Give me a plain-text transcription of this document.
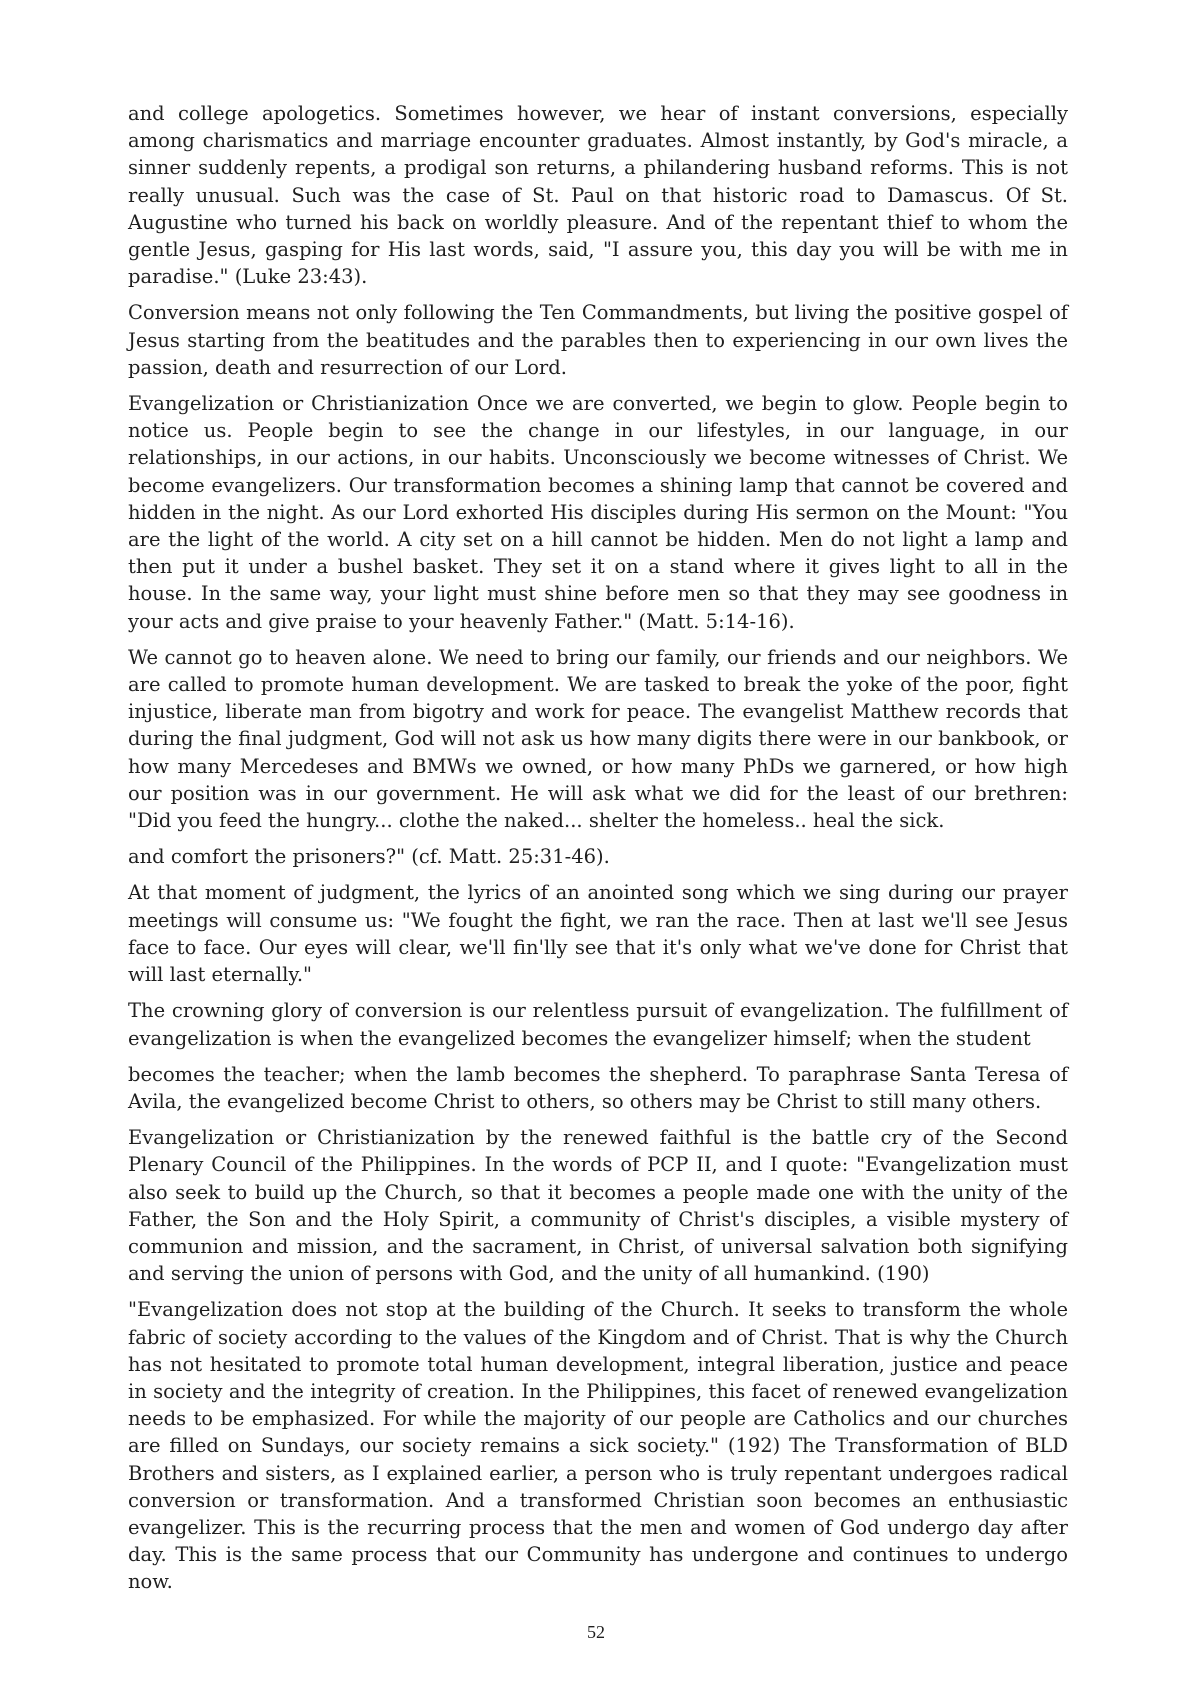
and college apologetics. Sometimes however, we hear of instant conversions, especially among charismatics and marriage encounter graduates. Almost instantly, by God's miracle, a sinner suddenly repents, a prodigal son returns, a philandering husband reforms. This is not really unusual. Such was the case of St. Paul on that historic road to Damascus. Of St. Augustine who turned his back on worldly pleasure. And of the repentant thief to whom the gentle Jesus, gasping for His last words, said, "I assure you, this day you will be with me in paradise." (Luke 23:43).

Conversion means not only following the Ten Commandments, but living the positive gospel of Jesus starting from the beatitudes and the parables then to experiencing in our own lives the passion, death and resurrection of our Lord.

Evangelization or Christianization Once we are converted, we begin to glow. People begin to notice us. People begin to see the change in our lifestyles, in our language, in our relationships, in our actions, in our habits. Unconsciously we become witnesses of Christ. We become evangelizers. Our transformation becomes a shining lamp that cannot be covered and hidden in the night. As our Lord exhorted His disciples during His sermon on the Mount: "You are the light of the world. A city set on a hill cannot be hidden. Men do not light a lamp and then put it under a bushel basket. They set it on a stand where it gives light to all in the house. In the same way, your light must shine before men so that they may see goodness in your acts and give praise to your heavenly Father." (Matt. 5:14-16).

We cannot go to heaven alone. We need to bring our family, our friends and our neighbors. We are called to promote human development. We are tasked to break the yoke of the poor, fight injustice, liberate man from bigotry and work for peace. The evangelist Matthew records that during the final judgment, God will not ask us how many digits there were in our bankbook, or how many Mercedeses and BMWs we owned, or how many PhDs we garnered, or how high our position was in our government. He will ask what we did for the least of our brethren: "Did you feed the hungry... clothe the naked... shelter the homeless.. heal the sick.

and comfort the prisoners?" (cf. Matt. 25:31-46).

At that moment of judgment, the lyrics of an anointed song which we sing during our prayer meetings will consume us: "We fought the fight, we ran the race. Then at last we'll see Jesus face to face. Our eyes will clear, we'll fin'lly see that it's only what we've done for Christ that will last eternally."

The crowning glory of conversion is our relentless pursuit of evangelization. The fulfillment of evangelization is when the evangelized becomes the evangelizer himself; when the student

becomes the teacher; when the lamb becomes the shepherd. To paraphrase Santa Teresa of Avila, the evangelized become Christ to others, so others may be Christ to still many others.

Evangelization or Christianization by the renewed faithful is the battle cry of the Second Plenary Council of the Philippines. In the words of PCP II, and I quote: "Evangelization must also seek to build up the Church, so that it becomes a people made one with the unity of the Father, the Son and the Holy Spirit, a community of Christ's disciples, a visible mystery of communion and mission, and the sacrament, in Christ, of universal salvation both signifying and serving the union of persons with God, and the unity of all humankind. (190)

"Evangelization does not stop at the building of the Church. It seeks to transform the whole fabric of society according to the values of the Kingdom and of Christ. That is why the Church has not hesitated to promote total human development, integral liberation, justice and peace in society and the integrity of creation. In the Philippines, this facet of renewed evangelization needs to be emphasized. For while the majority of our people are Catholics and our churches are filled on Sundays, our society remains a sick society." (192) The Transformation of BLD Brothers and sisters, as I explained earlier, a person who is truly repentant undergoes radical conversion or transformation. And a transformed Christian soon becomes an enthusiastic evangelizer. This is the recurring process that the men and women of God undergo day after day. This is the same process that our Community has undergone and continues to undergo now.

52
